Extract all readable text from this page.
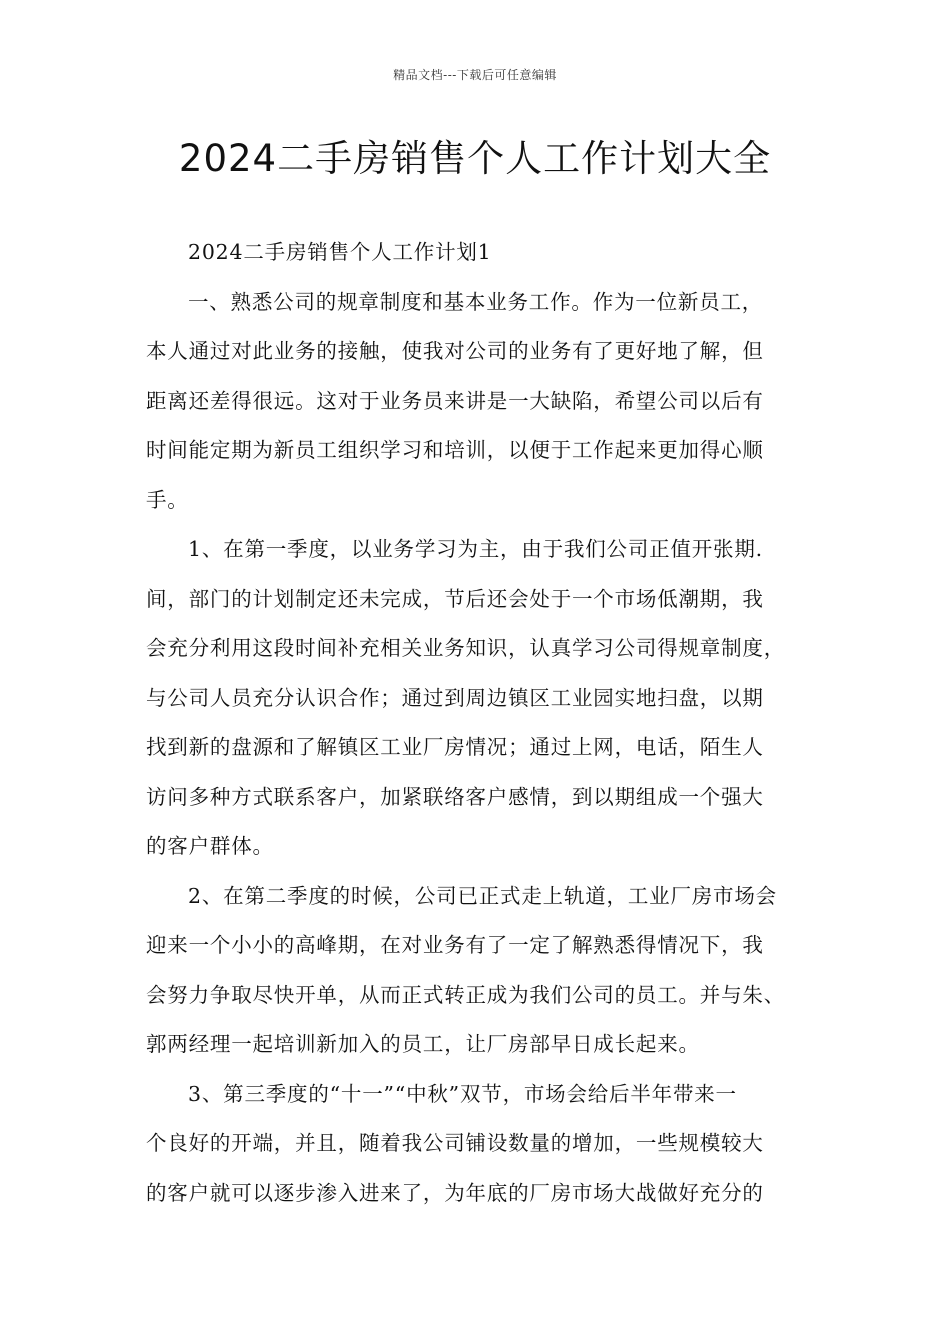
精品文档---下载后可任意编辑
2024二手房销售个人工作计划大全
2024二手房销售个人工作计划1
一、熟悉公司的规章制度和基本业务工作。作为一位新员工，
本人通过对此业务的接触，使我对公司的业务有了更好地了解，但
距离还差得很远。这对于业务员来讲是一大缺陷，希望公司以后有
时间能定期为新员工组织学习和培训，以便于工作起来更加得心顺
手。
1、在第一季度，以业务学习为主，由于我们公司正值开张期.
间，部门的计划制定还未完成，节后还会处于一个市场低潮期，我
会充分利用这段时间补充相关业务知识，认真学习公司得规章制度，
与公司人员充分认识合作；通过到周边镇区工业园实地扫盘，以期
找到新的盘源和了解镇区工业厂房情况；通过上网，电话，陌生人
访问多种方式联系客户，加紧联络客户感情，到以期组成一个强大
的客户群体。
2、在第二季度的时候，公司已正式走上轨道，工业厂房市场会
迎来一个小小的高峰期，在对业务有了一定了解熟悉得情况下，我
会努力争取尽快开单，从而正式转正成为我们公司的员工。并与朱、
郭两经理一起培训新加入的员工，让厂房部早日成长起来。
3、第三季度的“十一”“中秋”双节，市场会给后半年带来一
个良好的开端，并且，随着我公司铺设数量的增加，一些规模较大
的客户就可以逐步渗入进来了，为年底的厂房市场大战做好充分的
